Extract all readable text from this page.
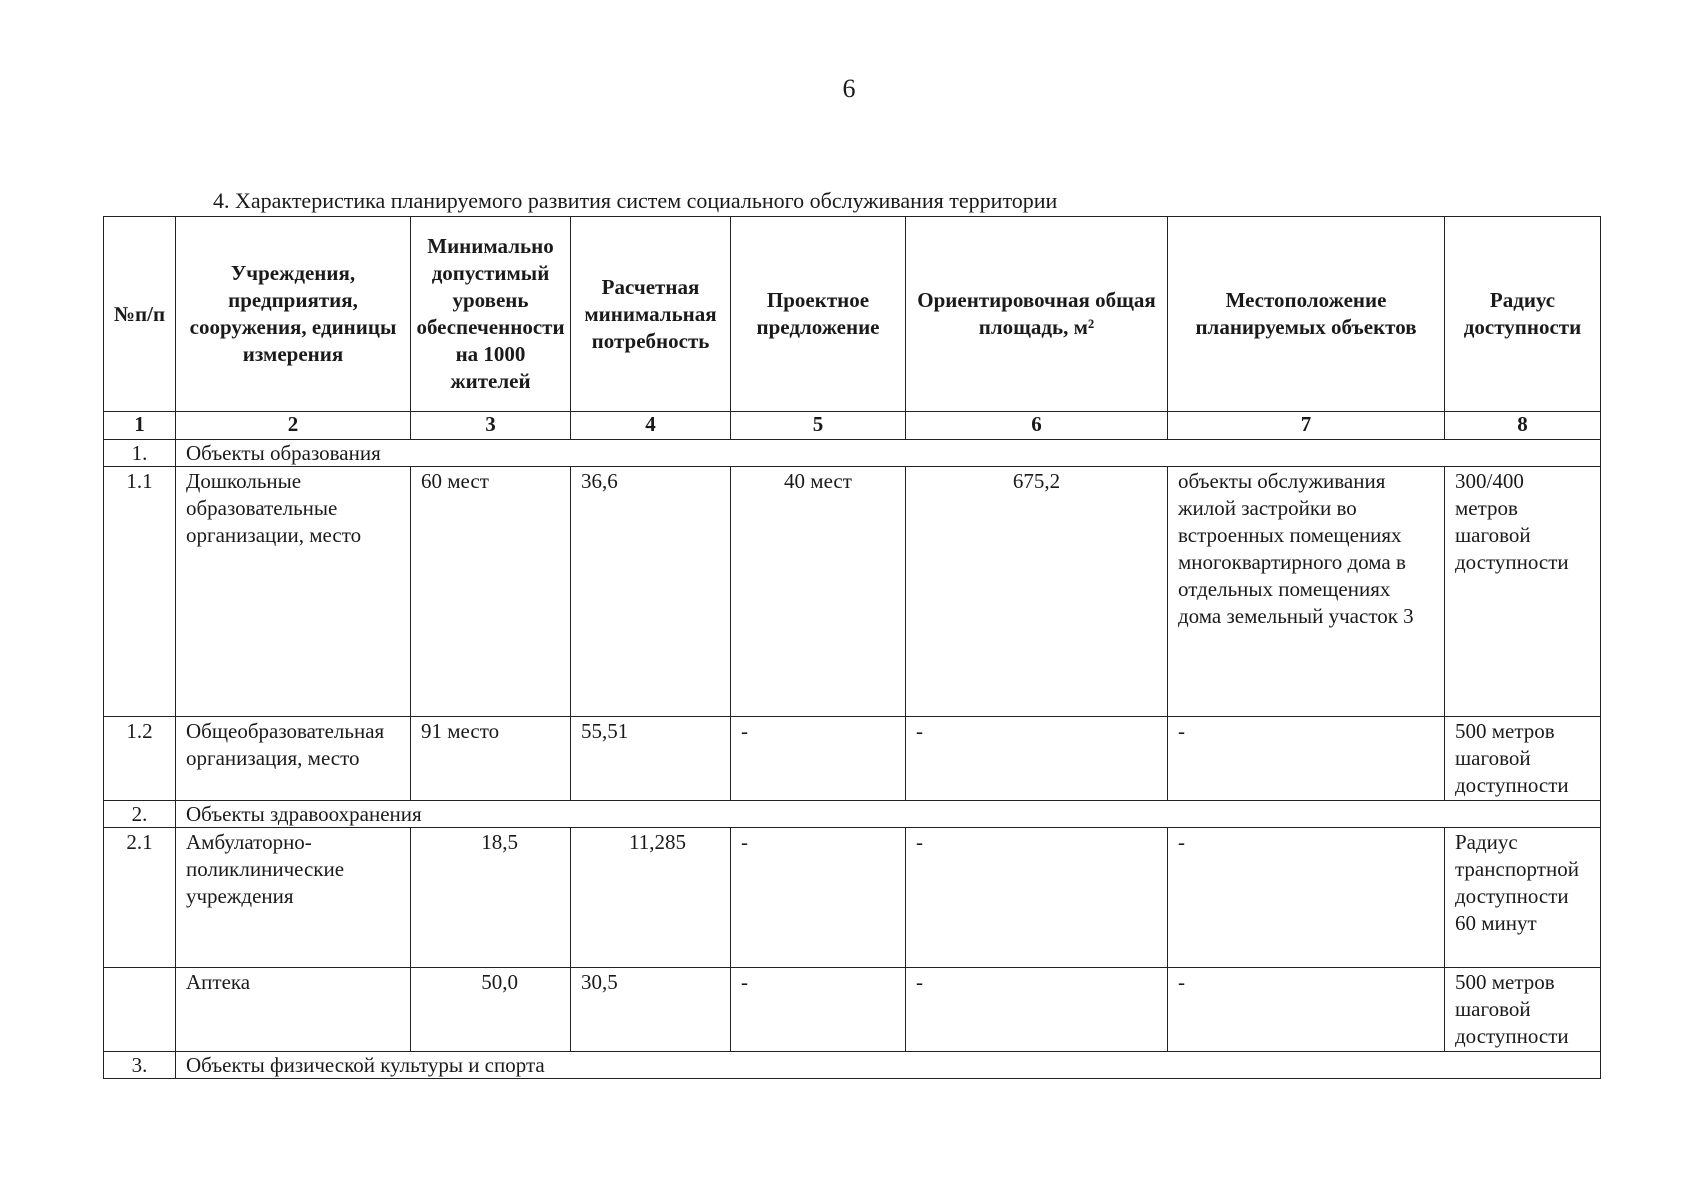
6
4. Характеристика планируемого развития систем социального обслуживания территории
№п/п	Учреждения, предприятия, сооружения, единицы измерения	Минимально допустимый уровень обеспеченности на 1000 жителей	Расчетная минимальная потребность	Проектное предложение	Ориентировочная общая площадь, м²	Местоположение планируемых объектов	Радиус доступности
1	2	3	4	5	6	7	8
1.	Объекты образования						
1.1	Дошкольные образовательные организации, место	60 мест	36,6	40 мест	675,2	объекты обслуживания жилой застройки во встроенных помещениях многоквартирного дома в отдельных помещениях дома земельный участок 3	300/400 метров шаговой доступности
1.2	Общеобразовательная организация, место	91 место	55,51	-	-	-	500 метров шаговой доступности
2.	Объекты здравоохранения						
2.1	Амбулаторно-поликлинические учреждения	18,5	11,285	-	-	-	Радиус транспортной доступности 60 минут
	Аптека	50,0	30,5	-	-	-	500 метров шаговой доступности
3.	Объекты физической культуры и спорта						
